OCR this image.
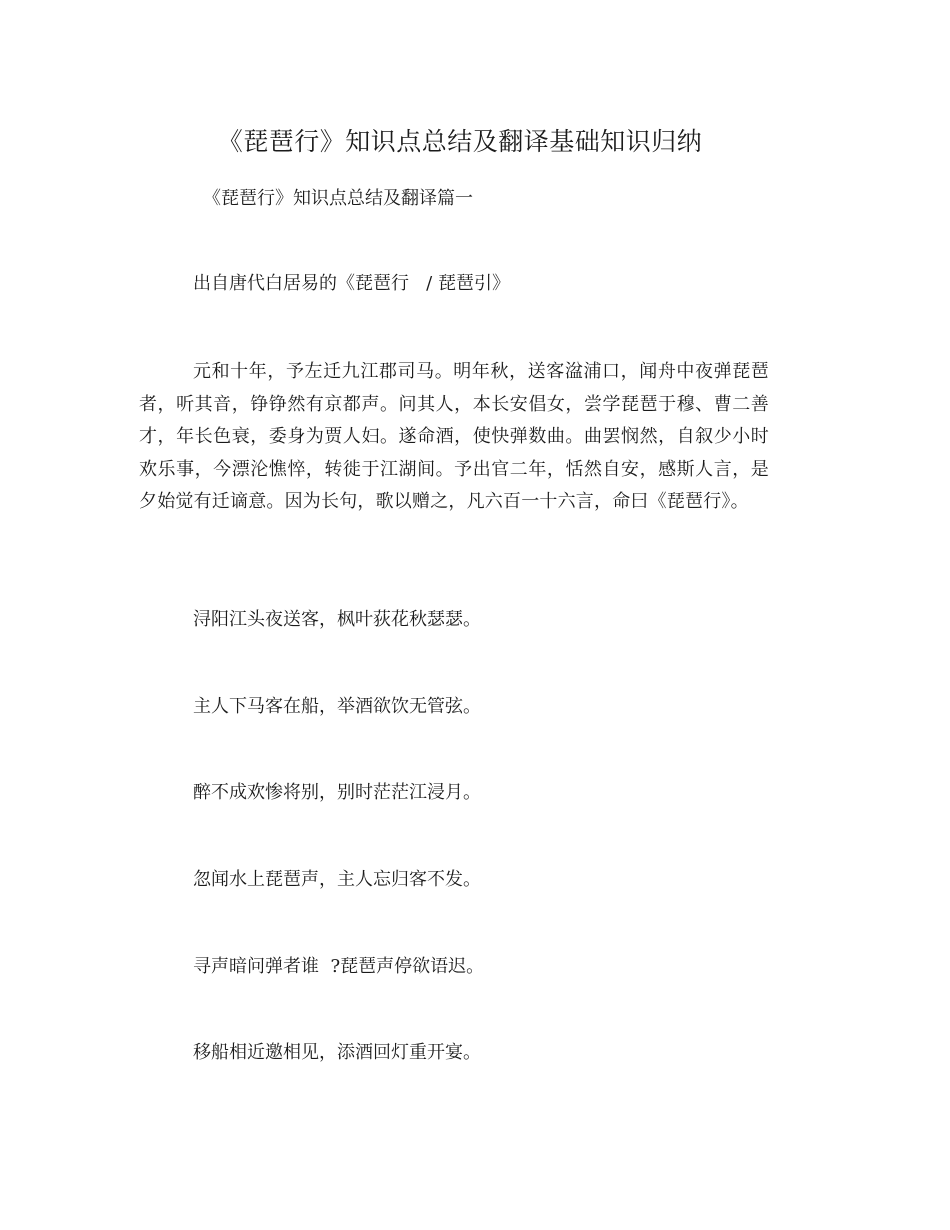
《琵琶行》知识点总结及翻译基础知识归纳

《琵琶行》知识点总结及翻译篇一

出自唐代白居易的《琵琶行   / 琵琶引》

元和十年，予左迁九江郡司马。明年秋，送客湓浦口，闻舟中夜弹琵琶者，听其音，铮铮然有京都声。问其人，本长安倡女，尝学琵琶于穆、曹二善才，年长色衰，委身为贾人妇。遂命酒，使快弹数曲。曲罢悯然，自叙少小时欢乐事，今漂沦憔悴，转徙于江湖间。予出官二年，恬然自安，感斯人言，是夕始觉有迁谪意。因为长句，歌以赠之，凡六百一十六言，命曰《琵琶行》。

浔阳江头夜送客，枫叶荻花秋瑟瑟。

主人下马客在船，举酒欲饮无管弦。

醉不成欢惨将别，别时茫茫江浸月。

忽闻水上琵琶声，主人忘归客不发。

寻声暗问弹者谁  ?琵琶声停欲语迟。

移船相近邀相见，添酒回灯重开宴。
